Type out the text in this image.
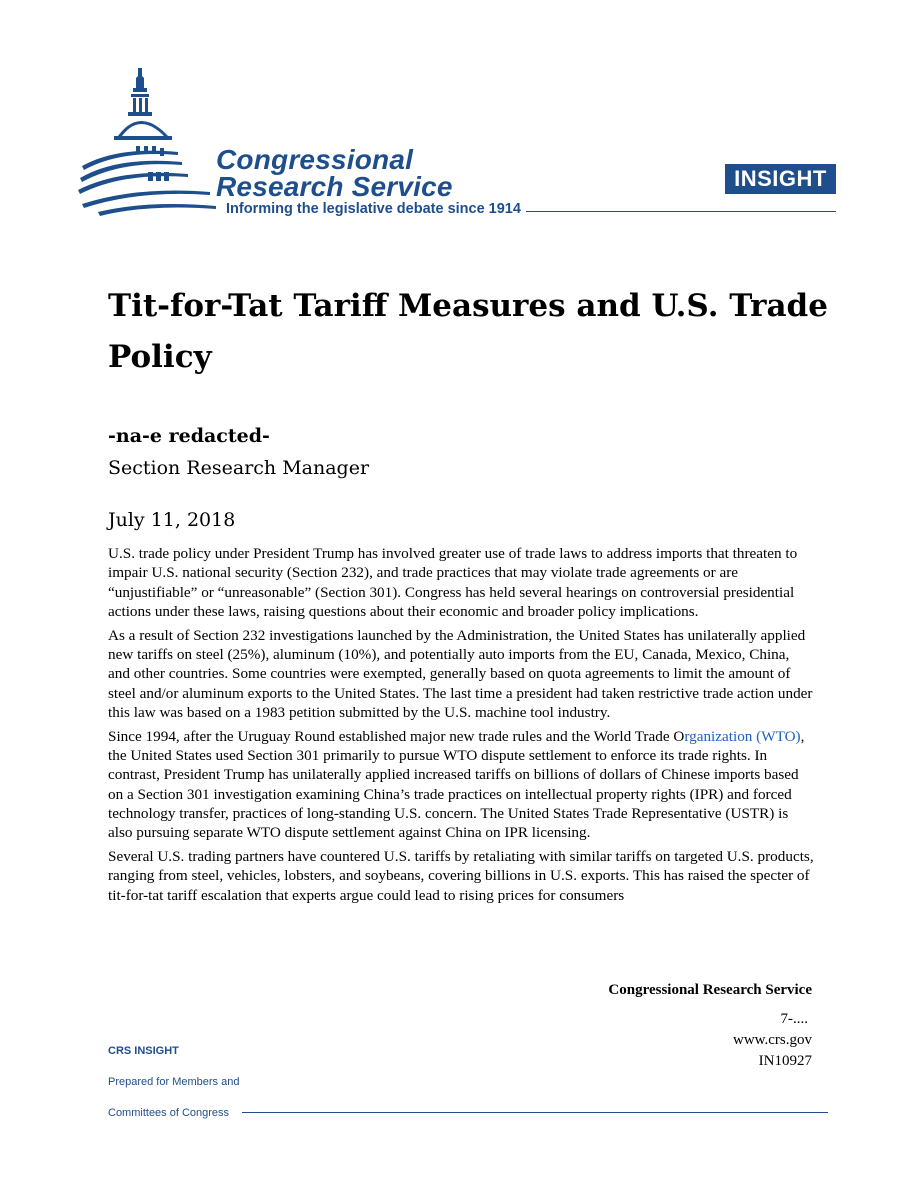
Congressional
Research Service
Informing the legislative debate since 1914
INSIGHT
Tit-for-Tat Tariff Measures and U.S. Trade
Policy
-na-e redacted-
Section Research Manager
July 11, 2018

U.S. trade policy under President Trump has involved greater use of trade laws to address imports that threaten to impair U.S. national security (Section 232), and trade practices that may violate trade agreements or are “unjustifiable” or “unreasonable” (Section 301). Congress has held several hearings on controversial presidential actions under these laws, raising questions about their economic and broader policy implications.

As a result of Section 232 investigations launched by the Administration, the United States has unilaterally applied new tariffs on steel (25%), aluminum (10%), and potentially auto imports from the EU, Canada, Mexico, China, and other countries. Some countries were exempted, generally based on quota agreements to limit the amount of steel and/or aluminum exports to the United States. The last time a president had taken restrictive trade action under this law was based on a 1983 petition submitted by the U.S. machine tool industry.

Since 1994, after the Uruguay Round established major new trade rules and the World Trade Organization (WTO), the United States used Section 301 primarily to pursue WTO dispute settlement to enforce its trade rights. In contrast, President Trump has unilaterally applied increased tariffs on billions of dollars of Chinese imports based on a Section 301 investigation examining China’s trade practices on intellectual property rights (IPR) and forced technology transfer, practices of long-standing U.S. concern. The United States Trade Representative (USTR) is also pursuing separate WTO dispute settlement against China on IPR licensing.

Several U.S. trading partners have countered U.S. tariffs by retaliating with similar tariffs on targeted U.S. products, ranging from steel, vehicles, lobsters, and soybeans, covering billions in U.S. exports. This has raised the specter of tit-for-tat tariff escalation that experts argue could lead to rising prices for consumers

Congressional Research Service
7-....
www.crs.gov
IN10927
CRS INSIGHT
Prepared for Members and
Committees of Congress
